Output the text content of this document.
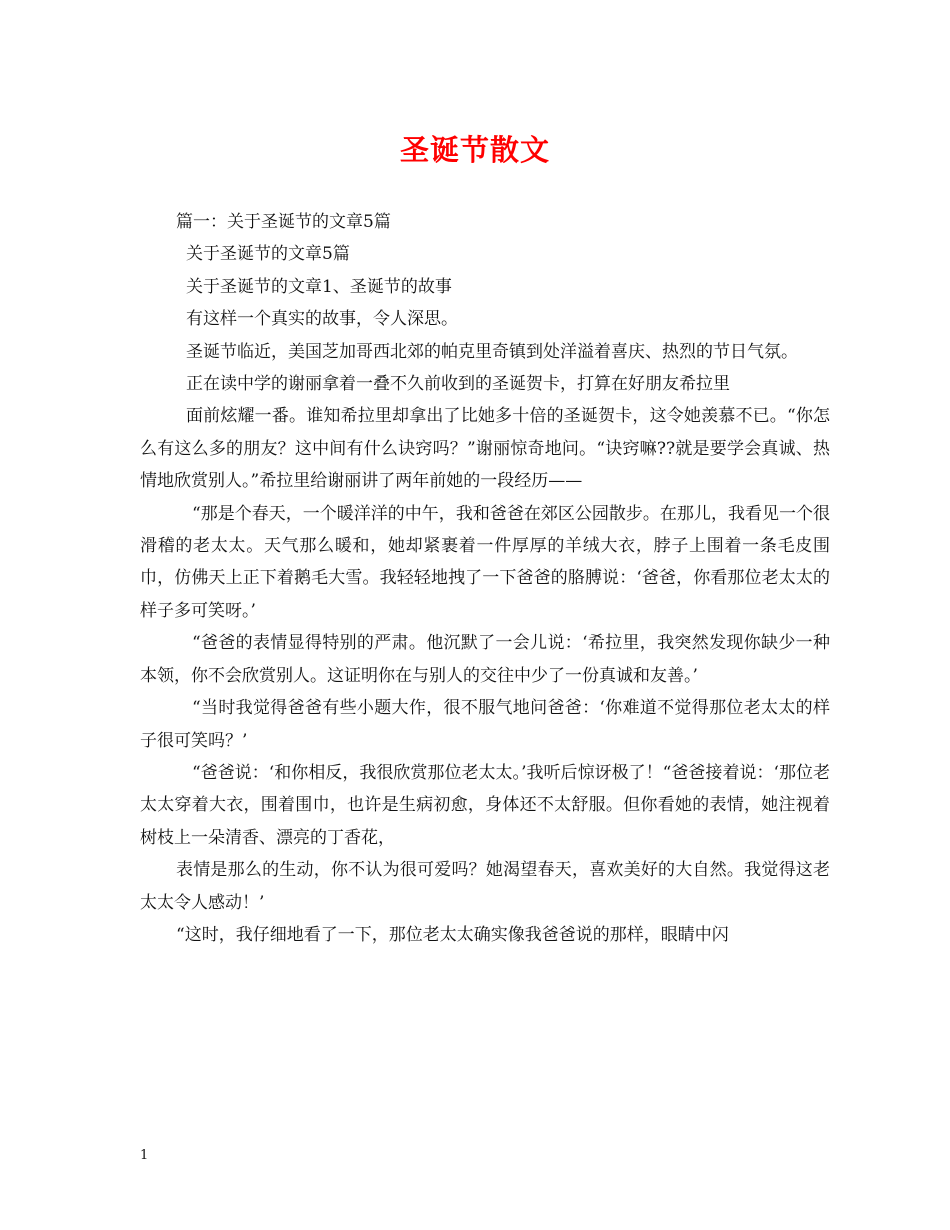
圣诞节散文

篇一：关于圣诞节的文章5篇

关于圣诞节的文章5篇

关于圣诞节的文章1、圣诞节的故事

有这样一个真实的故事，令人深思。

圣诞节临近，美国芝加哥西北郊的帕克里奇镇到处洋溢着喜庆、热烈的节日气氛。

正在读中学的谢丽拿着一叠不久前收到的圣诞贺卡，打算在好朋友希拉里

面前炫耀一番。谁知希拉里却拿出了比她多十倍的圣诞贺卡，这令她羡慕不已。“你怎么有这么多的朋友？这中间有什么诀窍吗？”谢丽惊奇地问。“诀窍嘛??就是要学会真诚、热情地欣赏别人。”希拉里给谢丽讲了两年前她的一段经历——

“那是个春天，一个暖洋洋的中午，我和爸爸在郊区公园散步。在那儿，我看见一个很滑稽的老太太。天气那么暖和，她却紧裹着一件厚厚的羊绒大衣，脖子上围着一条毛皮围巾，仿佛天上正下着鹅毛大雪。我轻轻地拽了一下爸爸的胳膊说：‘爸爸，你看那位老太太的样子多可笑呀。’

“爸爸的表情显得特别的严肃。他沉默了一会儿说：‘希拉里，我突然发现你缺少一种本领，你不会欣赏别人。这证明你在与别人的交往中少了一份真诚和友善。’

“当时我觉得爸爸有些小题大作，很不服气地问爸爸：‘你难道不觉得那位老太太的样子很可笑吗？’

“爸爸说：‘和你相反，我很欣赏那位老太太。’我听后惊讶极了！“爸爸接着说：‘那位老太太穿着大衣，围着围巾，也许是生病初愈，身体还不太舒服。但你看她的表情，她注视着树枝上一朵清香、漂亮的丁香花，

表情是那么的生动，你不认为很可爱吗？她渴望春天，喜欢美好的大自然。我觉得这老太太令人感动！’

“这时，我仔细地看了一下，那位老太太确实像我爸爸说的那样，眼睛中闪

1
